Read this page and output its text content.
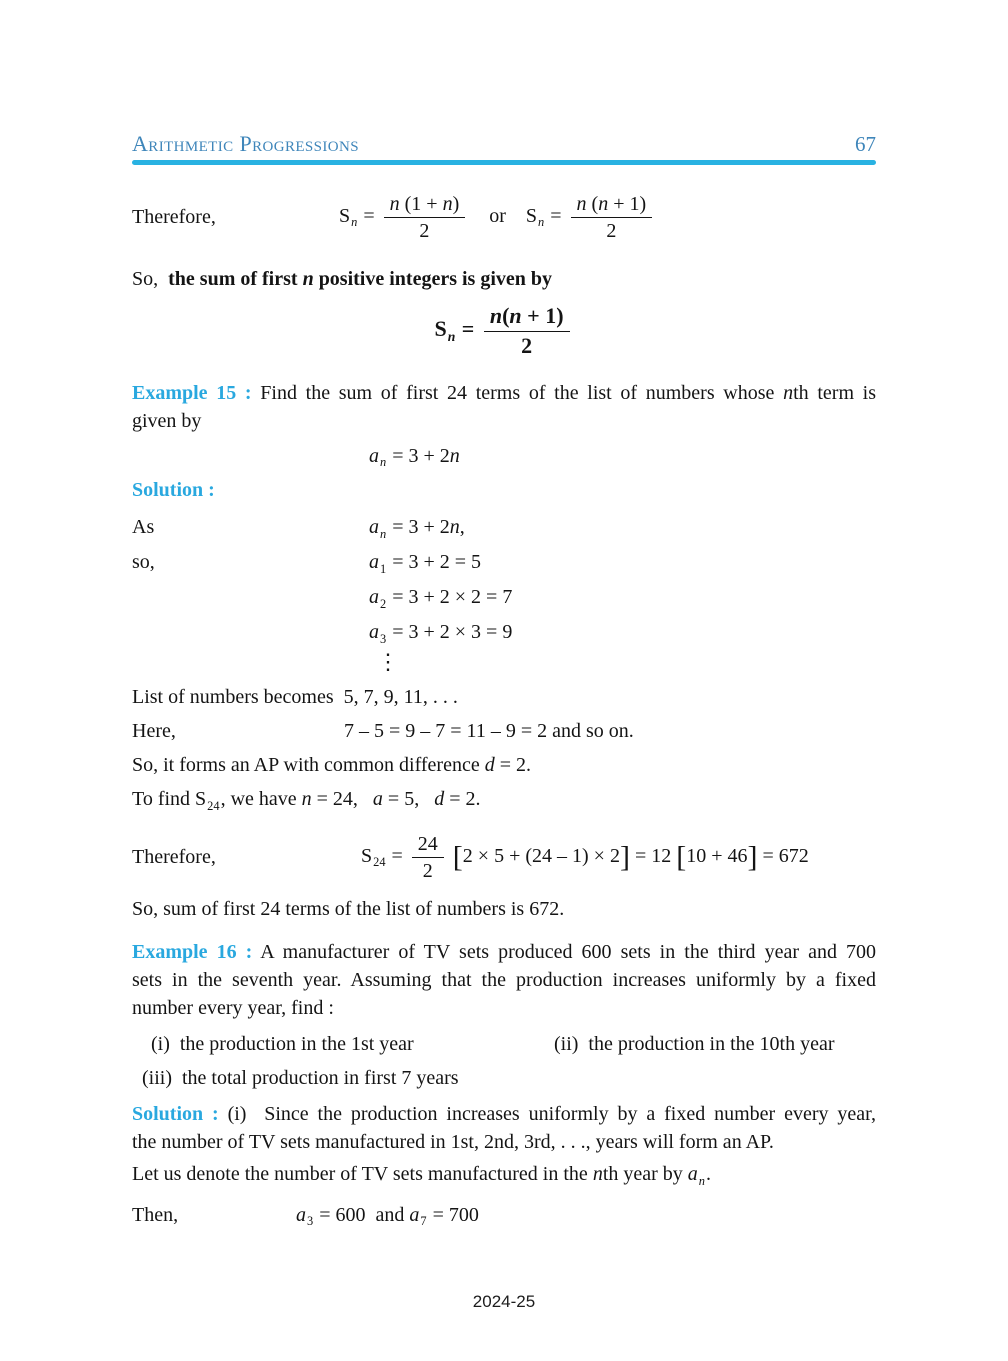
Arithmetic Progressions	67
Therefore,	$S_n = \frac{n (1 + n)}{2}$ or    $S_n = \frac{n (n + 1)}{2}$
So,  the sum of first n positive integers is given by
$S_n = \frac{n(n + 1)}{2}$
Example 15 : Find the sum of first 24 terms of the list of numbers whose nth term is
given by
$a_n = 3 + 2n$
Solution :
As	$a_n = 3 + 2n$,
so,	$a_1 = 3 + 2 = 5$
$a_2 = 3 + 2 \times 2 = 7$
$a_3 = 3 + 2 \times 3 = 9$
⋮
List of numbers becomes  5, 7, 9, 11, . . .
Here,	7 – 5 = 9 – 7 = 11 – 9 = 2 and so on.
So, it forms an AP with common difference d = 2.
To find $S_{24}$, we have n = 24,   a = 5,   d = 2.
Therefore,	$S_{24} = \frac{24}{2} [2 \times 5 + (24 - 1) \times 2] = 12$ [10 + 46] = 672
So, sum of first 24 terms of the list of numbers is 672.
Example 16 : A manufacturer of TV sets produced 600 sets in the third year and 700
sets in the seventh year. Assuming that the production increases uniformly by a fixed
number every year, find :
(i)  the production in the 1st year	(ii)  the production in the 10th year
(iii)  the total production in first 7 years
Solution : (i)  Since the production increases uniformly by a fixed number every year,
the number of TV sets manufactured in 1st, 2nd, 3rd, . . ., years will form an AP.
Let us denote the number of TV sets manufactured in the nth year by $a_n$.
Then,	$a_3 = 600$  and $a_7 = 700$
2024-25
